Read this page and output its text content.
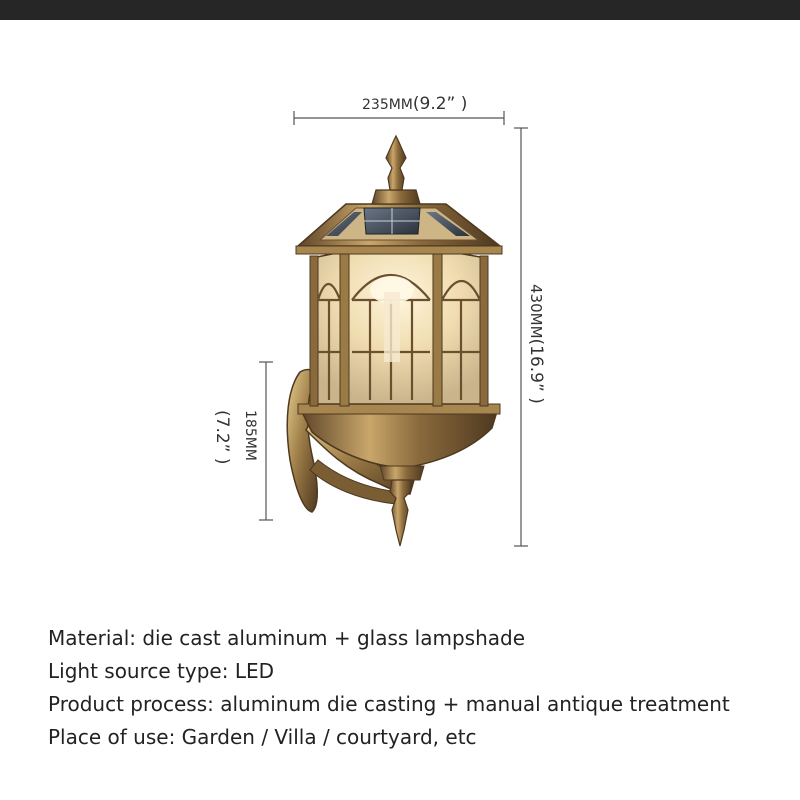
235MM(9.2” )
430MM(16.9” )
185MM
(7.2” )
Material: die cast aluminum + glass lampshade
Light source type: LED
Product process: aluminum die casting + manual antique treatment
Place of use: Garden / Villa / courtyard, etc
